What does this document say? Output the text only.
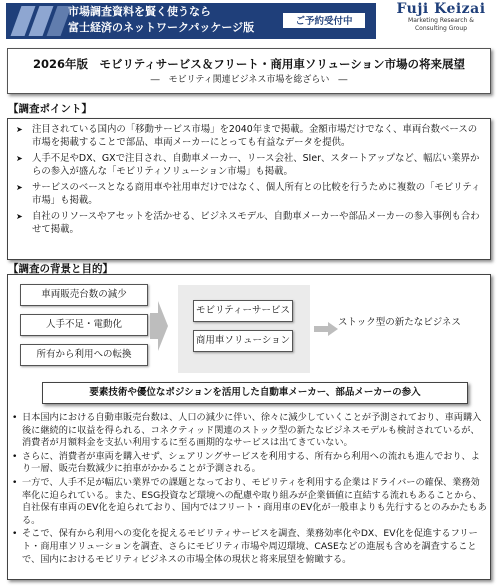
市場調査資料を賢く使うなら
富士経済のネットワークパッケージ版	ご予約受付中
Fuji Keizai
Marketing Research &
Consulting Group
2026年版　モビリティサービス＆フリート・商用車ソリューション市場の将来展望
―　モビリティ関連ビジネス市場を総ざらい　―
【調査ポイント】
➤ 注目されている国内の「移動サービス市場」を2040年まで掲載。金額市場だけでなく、車両台数ベースの市場を掲載することで部品、車両メーカーにとっても有益なデータを提供。
➤ 人手不足やDX、GXで注目され、自動車メーカー、リース会社、SIer、スタートアップなど、幅広い業界からの参入が盛んな「モビリティソリューション市場」も掲載。
➤ サービスのベースとなる商用車や社用車だけではなく、個人所有との比較を行うために複数の「モビリティ市場」も掲載。
➤ 自社のリソースやアセットを活かせる、ビジネスモデル、自動車メーカーや部品メーカーの参入事例も合わせて掲載。
【調査の背景と目的】
車両販売台数の減少
人手不足・電動化
所有から利用への転換
モビリティーサービス
商用車ソリューション
ストック型の新たなビジネス
要素技術や優位なポジションを活用した自動車メーカー、部品メーカーの参入
• 日本国内における自動車販売台数は、人口の減少に伴い、徐々に減少していくことが予測されており、車両購入後に継続的に収益を得られる、コネクティッド関連のストック型の新たなビジネスモデルも検討されているが、消費者が月額料金を支払い利用するに至る画期的なサービスは出てきていない。
• さらに、消費者が車両を購入せず、シェアリングサービスを利用する、所有から利用への流れも進んでおり、より一層、販売台数減少に拍車がかかることが予測される。
• 一方で、人手不足が幅広い業界での課題となっており、モビリティを利用する企業はドライバーの確保、業務効率化に迫られている。また、ESG投資など環境への配慮や取り組みが企業価値に直結する流れもあることから、自社保有車両のEV化を迫られており、国内ではフリート・商用車のEV化が一般車よりも先行するとのみかたもある。
• そこで、保有から利用への変化を捉えるモビリティサービスを調査、業務効率化やDX、EV化を促進するフリート・商用車ソリューションを調査、さらにモビリティ市場や周辺環境、CASEなどの進展も含めを調査することで、国内におけるモビリティビジネスの市場全体の現状と将来展望を俯瞰する。
